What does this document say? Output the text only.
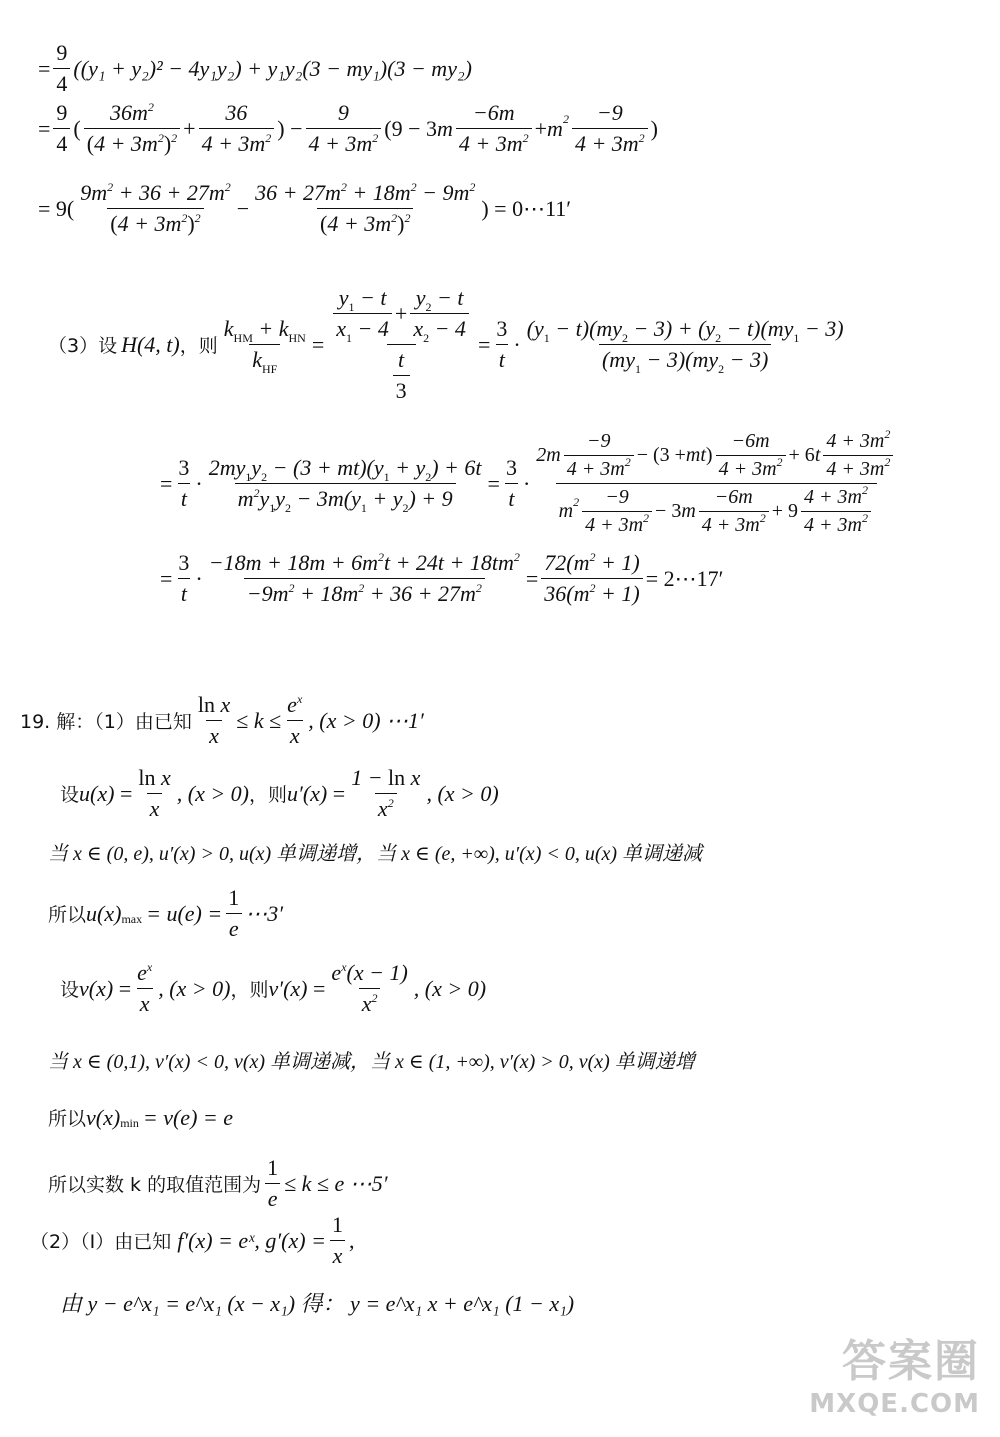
= $\frac{9}{4} ((y_1 + y_2)^2 - 4y_1y_2) + y_1y_2(3 - my_1)(3 - my_2)$
= $\frac{9}{4}$ ( $\frac{36m^2}{(4 + 3m^2)^2} + \frac{36}{4 + 3m^2}$ ) − $\frac{9}{4 + 3m^2} (9 - 3$ m $\frac{-6m}{4 + 3m^2} + m$ $2 \frac{-9}{4 + 3m^2}$ )
= $9( \frac{9m^2 + 36 + 27m^2}{(4 + 3m^2)^2} - \frac{36 + 27m^2 + 18m^2 - 9m^2}{(4 + 3m^2)^2}$ ) = 0⋯11′
（3）设 H(4, t) ，则 $\frac{k_{HM} + k_{HN}}{k_{HF}} = \frac{\frac{y_1 - t}{x_1 - 4} + \frac{y_2 - t}{x_2 - 4}}{\frac{t}{3}} = \frac{3}{t} \cdot \frac{(y_1 - t)(my_2 - 3) + (y_2 - t)(my_1 - 3)}{(my_1 - 3)(my_2 - 3)}$
= $\frac{3}{t} \cdot \frac{2my_1y_2 - (3 + mt)(y_1 + y_2) + 6t}{m^2y_1y_2 - 3m(y_1 + y_2) + 9} = \frac{3}{t}$ ·
$2m \frac{-9}{4 + 3m^2} - (3$ + mt ) $\frac{-6m}{4 + 3m^2} + 6$ t $\frac{4 + 3m^2}{4 + 3m^2}$
m $2 \frac{-9}{4 + 3m^2} - 3$ m $\frac{-6m}{4 + 3m^2} + 9 \frac{4 + 3m^2}{4 + 3m^2}$
= $\frac{3}{t} \cdot \frac{-18m + 18m + 6m^2t + 24t + 18tm^2}{-9m^2 + 18m^2 + 36 + 27m^2} = \frac{72(m^2 + 1)}{36(m^2 + 1)}$ = 2⋯17′
19. 解：（1）由已知 $\frac{\text{ln x}}{x} \le k \le \frac{e^x}{x}$ , (x > 0) ⋯1′
设 $u(x) = \frac{\text{ln x}}{x}$ , (x > 0) ，则 $u'(x) = \frac{\text{1 − ln x}}{x^2}$ , (x > 0)
当 x ∈ (0, e), u′(x) > 0, u(x) 单调递增，当 x ∈ (e, +∞), u′(x) < 0, u(x) 单调递减
所以 u(x) $\max = u(e) = \frac{1}{e}$ ⋯3′
设 $v(x) = \frac{e^x}{x}$ , (x > 0) ，则 $v'(x) = \frac{e^x(x - 1)}{x^2}$ , (x > 0)
当 x ∈ (0,1), v′(x) < 0, v(x) 单调递减，当 x ∈ (1, +∞), v′(x) > 0, v(x) 单调递增
所以 v(x) min = v(e) = e
所以实数 k 的取值范围为 $\frac{1}{e} \le k \le e$ ⋯5′
（2）（Ⅰ）由已知 f′(x) = eˣ, $g'(x) = \frac{1}{x}$ ,
由 y − e^x₁ = e^x₁ (x − x₁) 得： y = e^x₁ x + e^x₁ (1 − x₁)
答案圈
MXQE.COM
